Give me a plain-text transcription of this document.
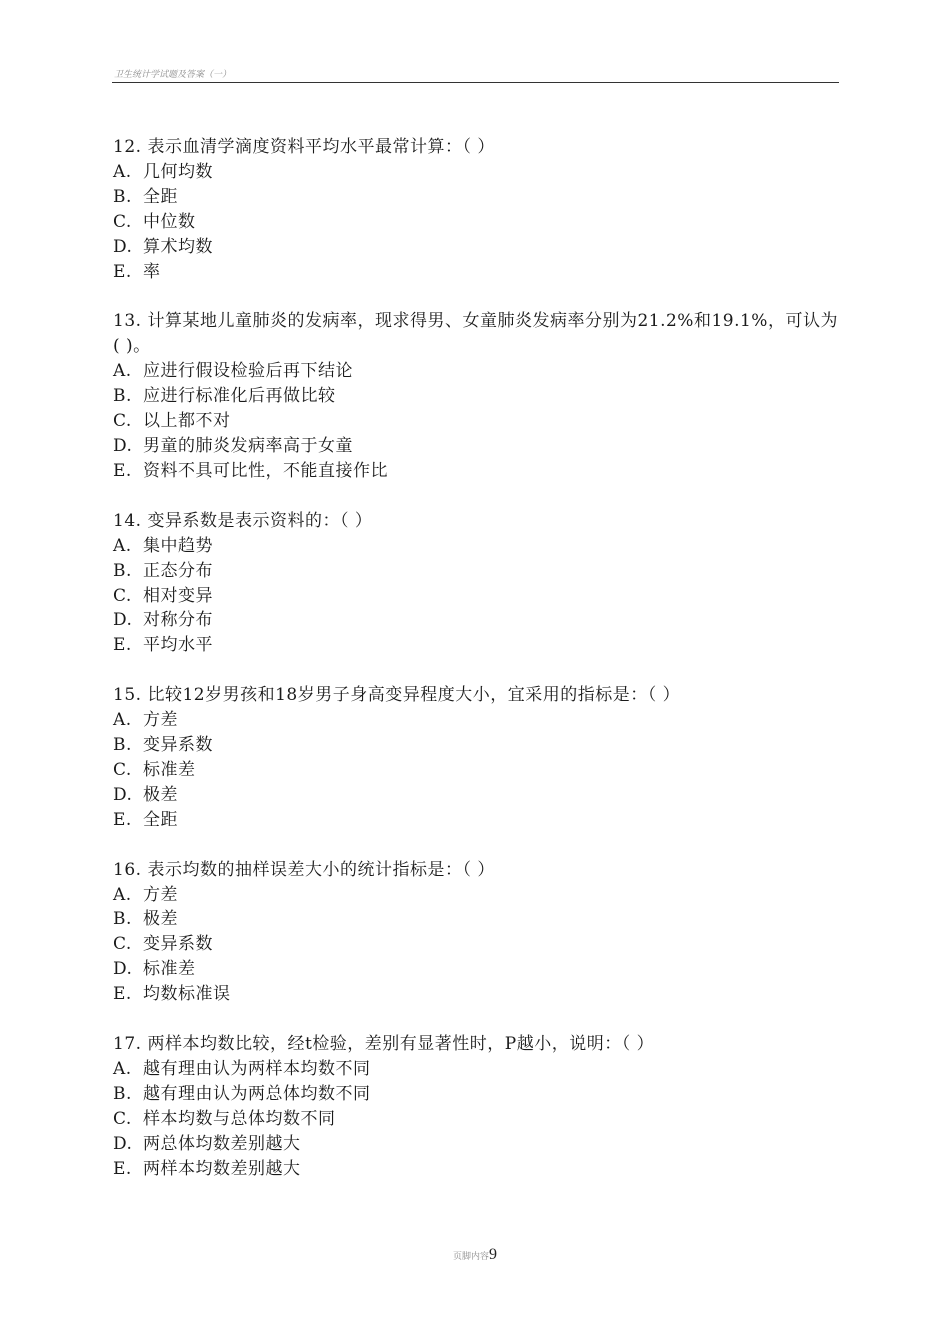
卫生统计学试题及答案（一）
12. 表示血清学滴度资料平均水平最常计算：（ ）
A. 几何均数
B. 全距
C. 中位数
D. 算术均数
E. 率
13. 计算某地儿童肺炎的发病率，现求得男、女童肺炎发病率分别为21.2%和19.1%，可认为( )。
A. 应进行假设检验后再下结论
B. 应进行标准化后再做比较
C. 以上都不对
D. 男童的肺炎发病率高于女童
E. 资料不具可比性，不能直接作比
14. 变异系数是表示资料的：（ ）
A. 集中趋势
B. 正态分布
C. 相对变异
D. 对称分布
E. 平均水平
15. 比较12岁男孩和18岁男子身高变异程度大小，宜采用的指标是：（ ）
A. 方差
B. 变异系数
C. 标准差
D. 极差
E. 全距
16. 表示均数的抽样误差大小的统计指标是：（ ）
A. 方差
B. 极差
C. 变异系数
D. 标准差
E. 均数标准误
17. 两样本均数比较，经t检验，差别有显著性时，P越小，说明：（ ）
A. 越有理由认为两样本均数不同
B. 越有理由认为两总体均数不同
C. 样本均数与总体均数不同
D. 两总体均数差别越大
E. 两样本均数差别越大
页脚内容9
